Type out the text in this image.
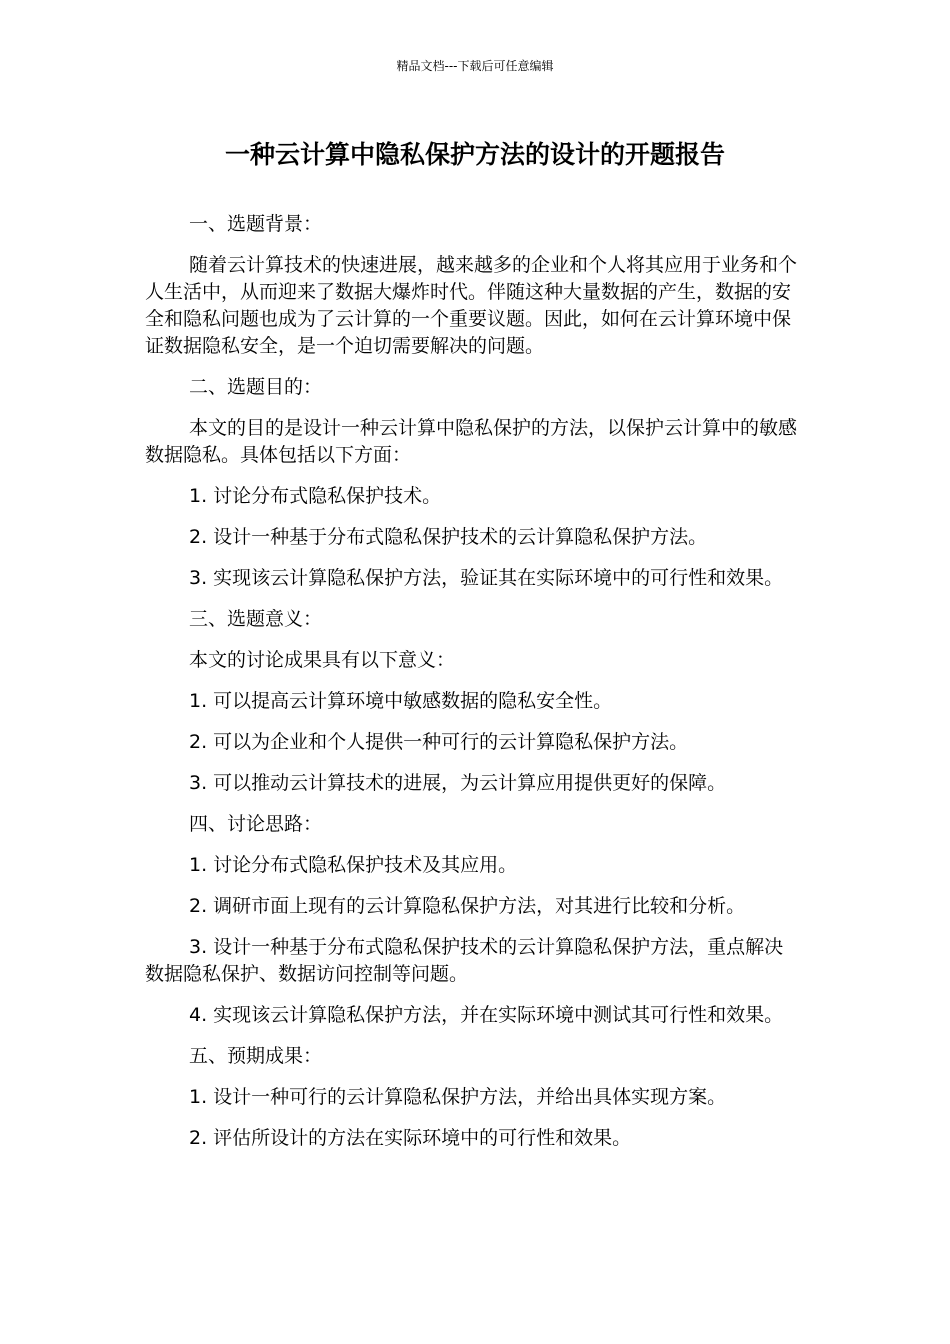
精品文档---下载后可任意编辑
一种云计算中隐私保护方法的设计的开题报告

一、选题背景：

随着云计算技术的快速进展，越来越多的企业和个人将其应用于业务和个人生活中，从而迎来了数据大爆炸时代。伴随这种大量数据的产生，数据的安全和隐私问题也成为了云计算的一个重要议题。因此，如何在云计算环境中保证数据隐私安全，是一个迫切需要解决的问题。

二、选题目的：

本文的目的是设计一种云计算中隐私保护的方法，以保护云计算中的敏感数据隐私。具体包括以下方面：

1. 讨论分布式隐私保护技术。

2. 设计一种基于分布式隐私保护技术的云计算隐私保护方法。

3. 实现该云计算隐私保护方法，验证其在实际环境中的可行性和效果。

三、选题意义：

本文的讨论成果具有以下意义：

1. 可以提高云计算环境中敏感数据的隐私安全性。

2. 可以为企业和个人提供一种可行的云计算隐私保护方法。

3. 可以推动云计算技术的进展，为云计算应用提供更好的保障。

四、讨论思路：

1. 讨论分布式隐私保护技术及其应用。

2. 调研市面上现有的云计算隐私保护方法，对其进行比较和分析。

3. 设计一种基于分布式隐私保护技术的云计算隐私保护方法，重点解决数据隐私保护、数据访问控制等问题。

4. 实现该云计算隐私保护方法，并在实际环境中测试其可行性和效果。

五、预期成果：

1. 设计一种可行的云计算隐私保护方法，并给出具体实现方案。

2. 评估所设计的方法在实际环境中的可行性和效果。
